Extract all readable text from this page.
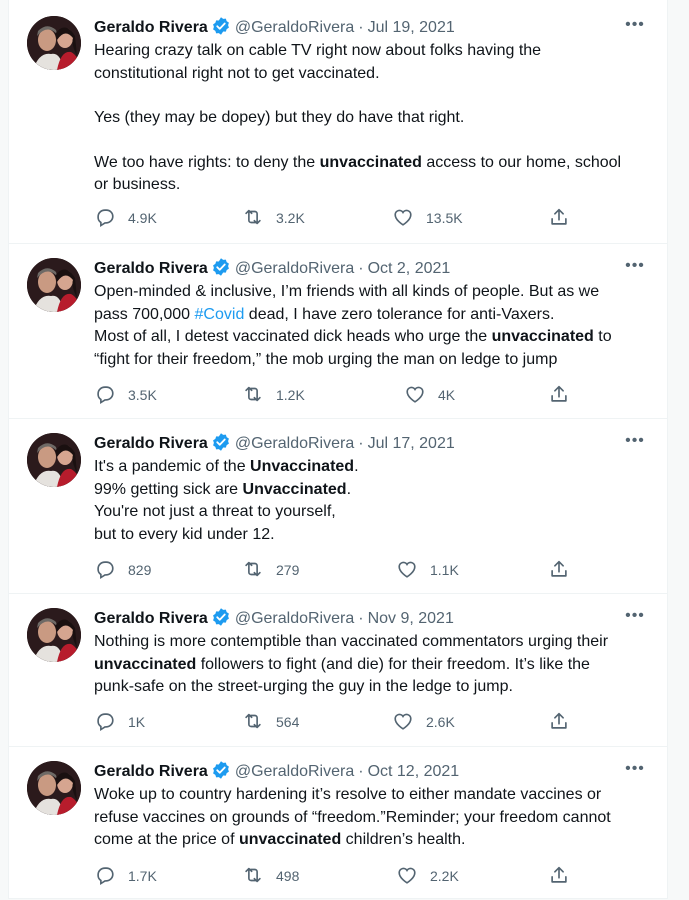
Geraldo Rivera @GeraldoRivera · Jul 19, 2021	•••

Hearing crazy talk on cable TV right now about folks having the

constitutional right not to get vaccinated.

Yes (they may be dopey) but they do have that right.

We too have rights: to deny the unvaccinated access to our home, school

or business.

4.9K	3.2K	13.5K
Geraldo Rivera @GeraldoRivera · Oct 2, 2021	•••

Open-minded & inclusive, I’m friends with all kinds of people. But as we

pass 700,000 #Covid dead, I have zero tolerance for anti-Vaxers.

Most of all, I detest vaccinated dick heads who urge the unvaccinated to

“fight for their freedom,” the mob urging the man on ledge to jump

3.5K	1.2K	4K
Geraldo Rivera @GeraldoRivera · Jul 17, 2021	•••

It's a pandemic of the Unvaccinated.

99% getting sick are Unvaccinated.

You're not just a threat to yourself,

but to every kid under 12.

829	279	1.1K
Geraldo Rivera @GeraldoRivera · Nov 9, 2021	•••

Nothing is more contemptible than vaccinated commentators urging their

unvaccinated followers to fight (and die) for their freedom. It’s like the

punk-safe on the street-urging the guy in the ledge to jump.

1K	564	2.6K
Geraldo Rivera @GeraldoRivera · Oct 12, 2021	•••

Woke up to country hardening it’s resolve to either mandate vaccines or

refuse vaccines on grounds of “freedom.”Reminder; your freedom cannot

come at the price of unvaccinated children’s health.

1.7K	498	2.2K
